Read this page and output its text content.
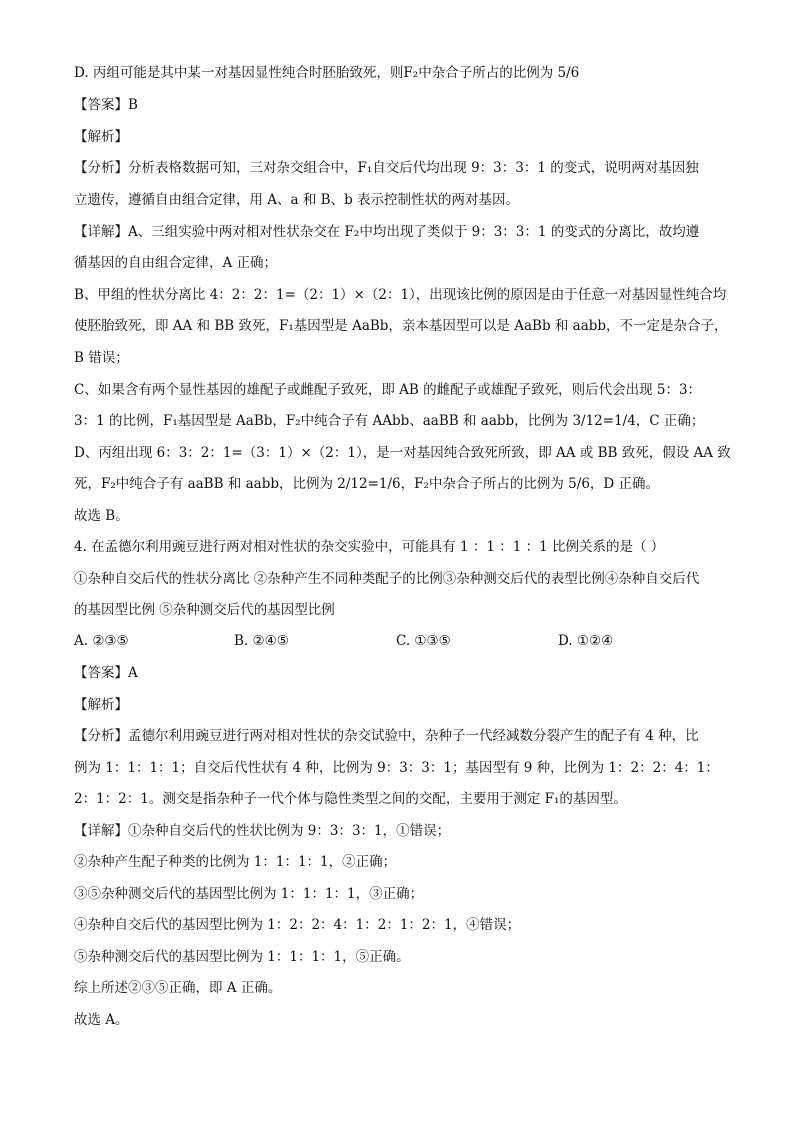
D. 丙组可能是其中某一对基因显性纯合时胚胎致死，则F₂中杂合子所占的比例为 5/6
【答案】B
【解析】
【分析】分析表格数据可知，三对杂交组合中，F₁自交后代均出现 9：3：3：1 的变式，说明两对基因独
立遗传，遵循自由组合定律，用 A、a 和 B、b 表示控制性状的两对基因。
【详解】A、三组实验中两对相对性状杂交在 F₂中均出现了类似于 9：3：3：1 的变式的分离比，故均遵
循基因的自由组合定律，A 正确；
B、甲组的性状分离比 4：2：2：1=（2：1）×（2：1），出现该比例的原因是由于任意一对基因显性纯合均
使胚胎致死，即 AA 和 BB 致死，F₁基因型是 AaBb，亲本基因型可以是 AaBb 和 aabb，不一定是杂合子，
B 错误；
C、如果含有两个显性基因的雄配子或雌配子致死，即 AB 的雌配子或雄配子致死，则后代会出现 5：3：
3：1 的比例，F₁基因型是 AaBb，F₂中纯合子有 AAbb、aaBB 和 aabb，比例为 3/12=1/4，C 正确；
D、丙组出现 6：3：2：1=（3：1）×（2：1），是一对基因纯合致死所致，即 AA 或 BB 致死，假设 AA 致
死，F₂中纯合子有 aaBB 和 aabb，比例为 2/12=1/6，F₂中杂合子所占的比例为 5/6，D 正确。
故选 B。
4. 在孟德尔利用豌豆进行两对相对性状的杂交实验中，可能具有 1 ：1 ：1 ：1 比例关系的是（ ）
①杂种自交后代的性状分离比 ②杂种产生不同种类配子的比例③杂种测交后代的表型比例④杂种自交后代
的基因型比例 ⑤杂种测交后代的基因型比例
A. ②③⑤	B. ②④⑤	C. ①③⑤	D. ①②④
【答案】A
【解析】
【分析】孟德尔利用豌豆进行两对相对性状的杂交试验中，杂种子一代经减数分裂产生的配子有 4 种，比
例为 1：1：1：1；自交后代性状有 4 种，比例为 9：3：3：1；基因型有 9 种，比例为 1：2：2：4：1：
2：1：2：1。测交是指杂种子一代个体与隐性类型之间的交配，主要用于测定 F₁的基因型。
【详解】①杂种自交后代的性状比例为 9：3：3：1，①错误；
②杂种产生配子种类的比例为 1：1：1：1，②正确；
③⑤杂种测交后代的基因型比例为 1：1：1：1，③正确；
④杂种自交后代的基因型比例为 1：2：2：4：1：2：1：2：1，④错误；
⑤杂种测交后代的基因型比例为 1：1：1：1，⑤正确。
综上所述②③⑤正确，即 A 正确。
故选 A。
